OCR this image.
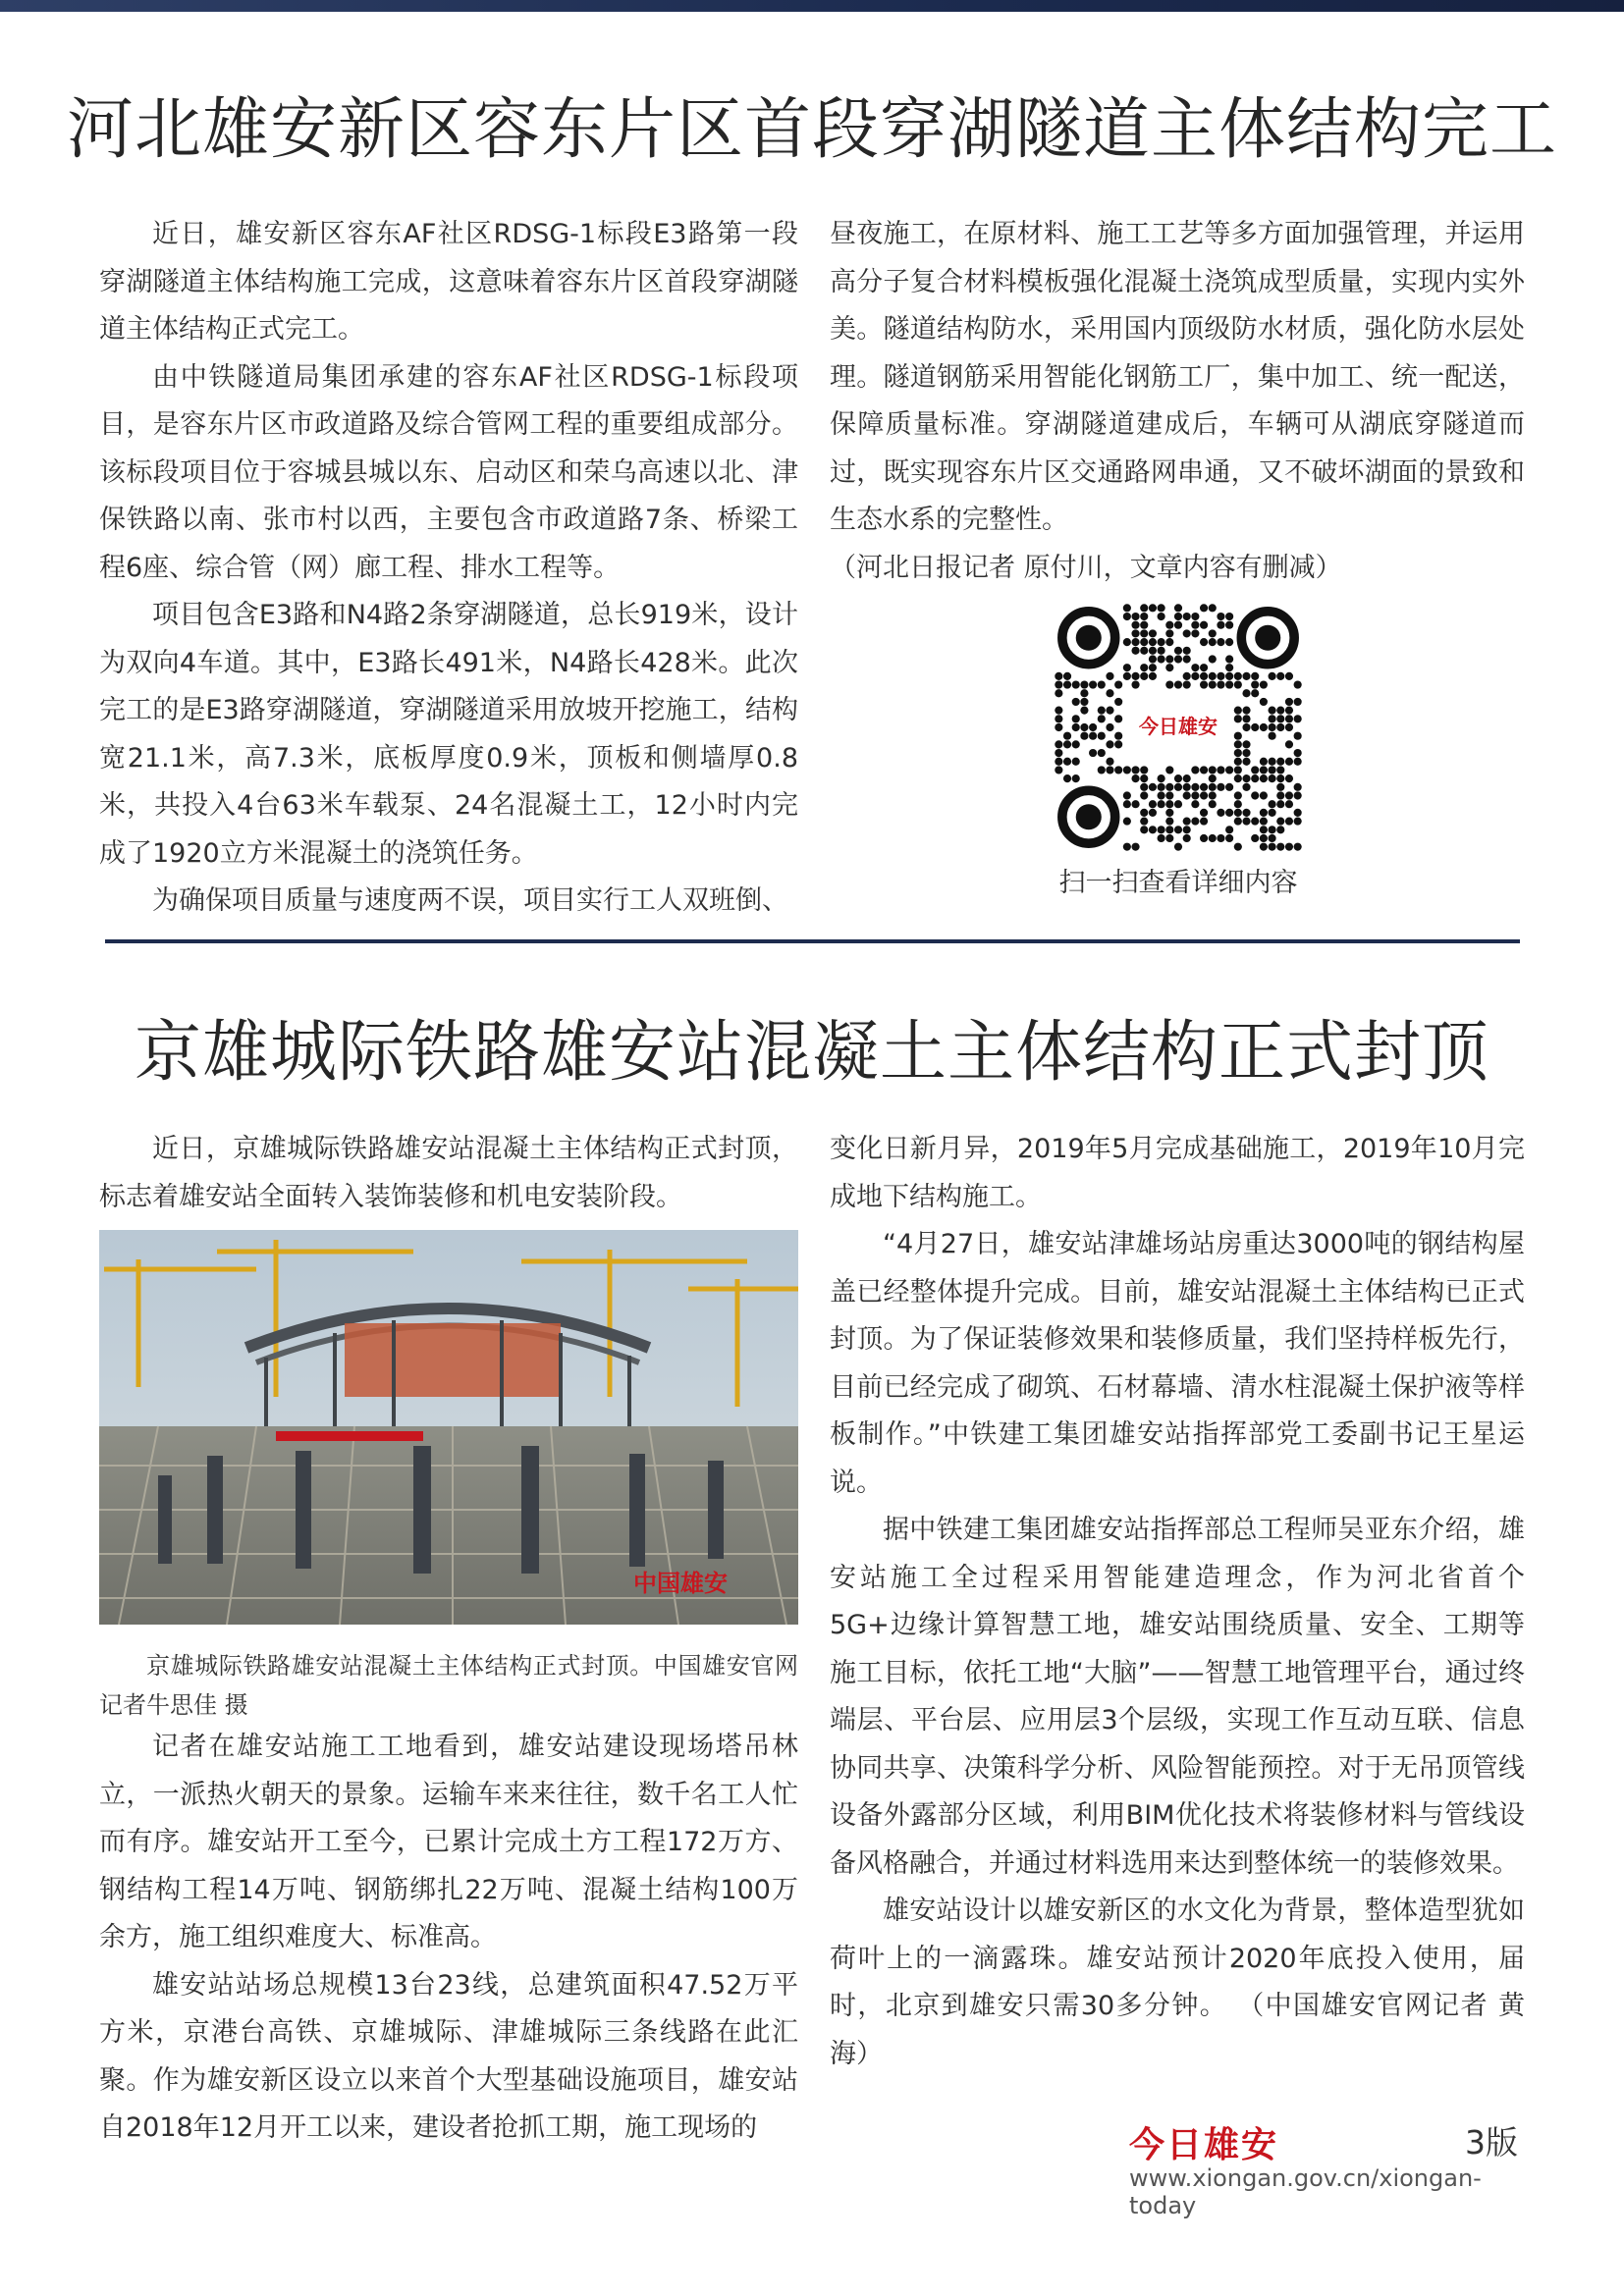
河北雄安新区容东片区首段穿湖隧道主体结构完工

近日，雄安新区容东AF社区RDSG-1标段E3路第一段穿湖隧道主体结构施工完成，这意味着容东片区首段穿湖隧道主体结构正式完工。

由中铁隧道局集团承建的容东AF社区RDSG-1标段项目，是容东片区市政道路及综合管网工程的重要组成部分。该标段项目位于容城县城以东、启动区和荣乌高速以北、津保铁路以南、张市村以西，主要包含市政道路7条、桥梁工程6座、综合管（网）廊工程、排水工程等。

项目包含E3路和N4路2条穿湖隧道，总长919米，设计为双向4车道。其中，E3路长491米，N4路长428米。此次完工的是E3路穿湖隧道，穿湖隧道采用放坡开挖施工，结构宽21.1米，高7.3米，底板厚度0.9米，顶板和侧墙厚0.8米，共投入4台63米车载泵、24名混凝土工，12小时内完成了1920立方米混凝土的浇筑任务。

为确保项目质量与速度两不误，项目实行工人双班倒、

昼夜施工，在原材料、施工工艺等多方面加强管理，并运用高分子复合材料模板强化混凝土浇筑成型质量，实现内实外美。隧道结构防水，采用国内顶级防水材质，强化防水层处理。隧道钢筋采用智能化钢筋工厂，集中加工、统一配送，保障质量标准。穿湖隧道建成后，车辆可从湖底穿隧道而过，既实现容东片区交通路网串通，又不破坏湖面的景致和生态水系的完整性。

（河北日报记者 原付川，文章内容有删减）

今日雄安
扫一扫查看详细内容
京雄城际铁路雄安站混凝土主体结构正式封顶

近日，京雄城际铁路雄安站混凝土主体结构正式封顶，标志着雄安站全面转入装饰装修和机电安装阶段。

中国雄安
京雄城际铁路雄安站混凝土主体结构正式封顶。中国雄安官网记者牛思佳 摄

记者在雄安站施工工地看到，雄安站建设现场塔吊林立，一派热火朝天的景象。运输车来来往往，数千名工人忙而有序。雄安站开工至今，已累计完成土方工程172万方、钢结构工程14万吨、钢筋绑扎22万吨、混凝土结构100万余方，施工组织难度大、标准高。

雄安站站场总规模13台23线，总建筑面积47.52万平方米，京港台高铁、京雄城际、津雄城际三条线路在此汇聚。作为雄安新区设立以来首个大型基础设施项目，雄安站自2018年12月开工以来，建设者抢抓工期，施工现场的

变化日新月异，2019年5月完成基础施工，2019年10月完成地下结构施工。

“4月27日，雄安站津雄场站房重达3000吨的钢结构屋盖已经整体提升完成。目前，雄安站混凝土主体结构已正式封顶。为了保证装修效果和装修质量，我们坚持样板先行，目前已经完成了砌筑、石材幕墙、清水柱混凝土保护液等样板制作。”中铁建工集团雄安站指挥部党工委副书记王星运说。

据中铁建工集团雄安站指挥部总工程师吴亚东介绍，雄安站施工全过程采用智能建造理念，作为河北省首个5G+边缘计算智慧工地，雄安站围绕质量、安全、工期等施工目标，依托工地“大脑”——智慧工地管理平台，通过终端层、平台层、应用层3个层级，实现工作互动互联、信息协同共享、决策科学分析、风险智能预控。对于无吊顶管线设备外露部分区域，利用BIM优化技术将装修材料与管线设备风格融合，并通过材料选用来达到整体统一的装修效果。

雄安站设计以雄安新区的水文化为背景，整体造型犹如荷叶上的一滴露珠。雄安站预计2020年底投入使用，届时，北京到雄安只需30多分钟。 （中国雄安官网记者 黄海）

今日雄安	3版
www.xiongan.gov.cn/xiongan-today
